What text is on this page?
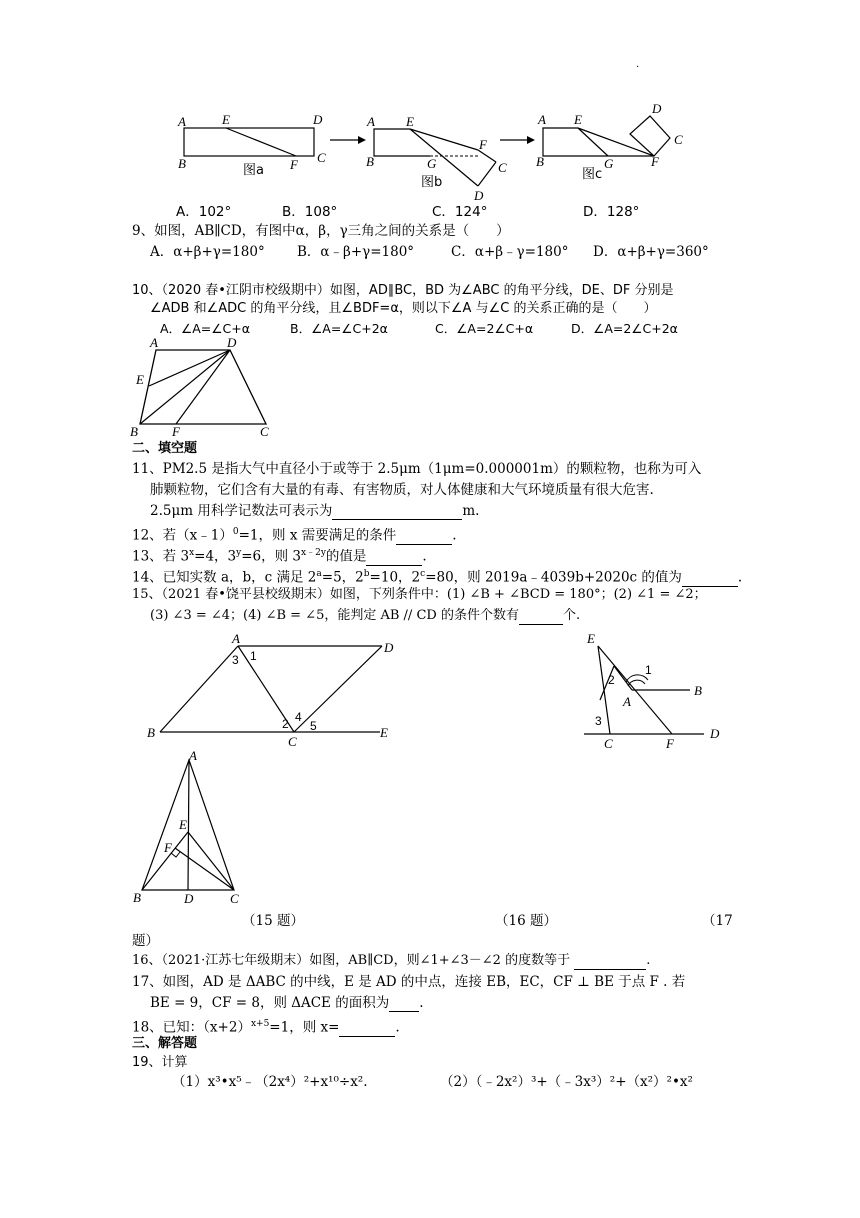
.
A	E	D
B	F C
A E
F
C
B	G
D
A E
D
C
B	G	F
图a
图b
图c
A．102°	B．108°	C．124°	D．128°
9、如图，AB∥CD，有图中α，β，γ三角之间的关系是（　　）
A．α+β+γ=180° B．α﹣β+γ=180°	C．α+β﹣γ=180° D．α+β+γ=360°
10、（2020 春•江阴市校级期中）如图，AD∥BC，BD 为∠ABC 的角平分线，DE、DF 分别是
∠ADB 和∠ADC 的角平分线，且∠BDF=α，则以下∠A 与∠C 的关系正确的是（　　）
A．∠A=∠C+α	B．∠A=∠C+2α	C．∠A=2∠C+α	D．∠A=2∠C+2α
A	D
E
B	F	C
二、填空题
11、PM2.5 是指大气中直径小于或等于 2.5μm（1μm=0.000001m）的颗粒物，也称为可入
肺颗粒物，它们含有大量的有毒、有害物质，对人体健康和大气环境质量有很大危害.
2.5μm 用科学记数法可表示为	m.
12、若（x﹣1）$^0$=1，则 x 需要满足的条件	.
13、若 $3^x=4$，$3^y=6$，则 $3^{x﹣2y}$的值是	.
14、已知实数 a，b，c 满足 $2^a=5$，$2^b=10$，$2^c=80$，则 2019a﹣4039b+2020c 的值为	.
15、（2021 春•饶平县校级期末）如图，下列条件中：(1) ∠B + ∠BCD = 180°；(2) ∠1 = ∠2；
(3) ∠3 = ∠4；(4) ∠B = ∠5，能判定 AB // CD 的条件个数有	个.
A
D
B
C
E
3 1
2 4
5
E
B
A
C	F
D
1
2
3
A
E
F
B	D	C
（15 题）	（16 题）	（17
题）
16、（2021·江苏七年级期末）如图，AB∥CD，则∠1+∠3－∠2 的度数等于	.
17、如图，AD 是 ΔABC 的中线，E 是 AD 的中点，连接 EB，EC，CF ⊥ BE 于点 F . 若
BE = 9，CF = 8，则 ΔACE 的面积为 .
18、已知：$(x+2)^{x+5}=1$，则 x=	.
三、解答题
19、计算
（1）x³•x⁵﹣（2x⁴）²+x¹⁰÷x².	（2）（﹣2x²）³+（﹣3x³）²+（x²）²•x²
